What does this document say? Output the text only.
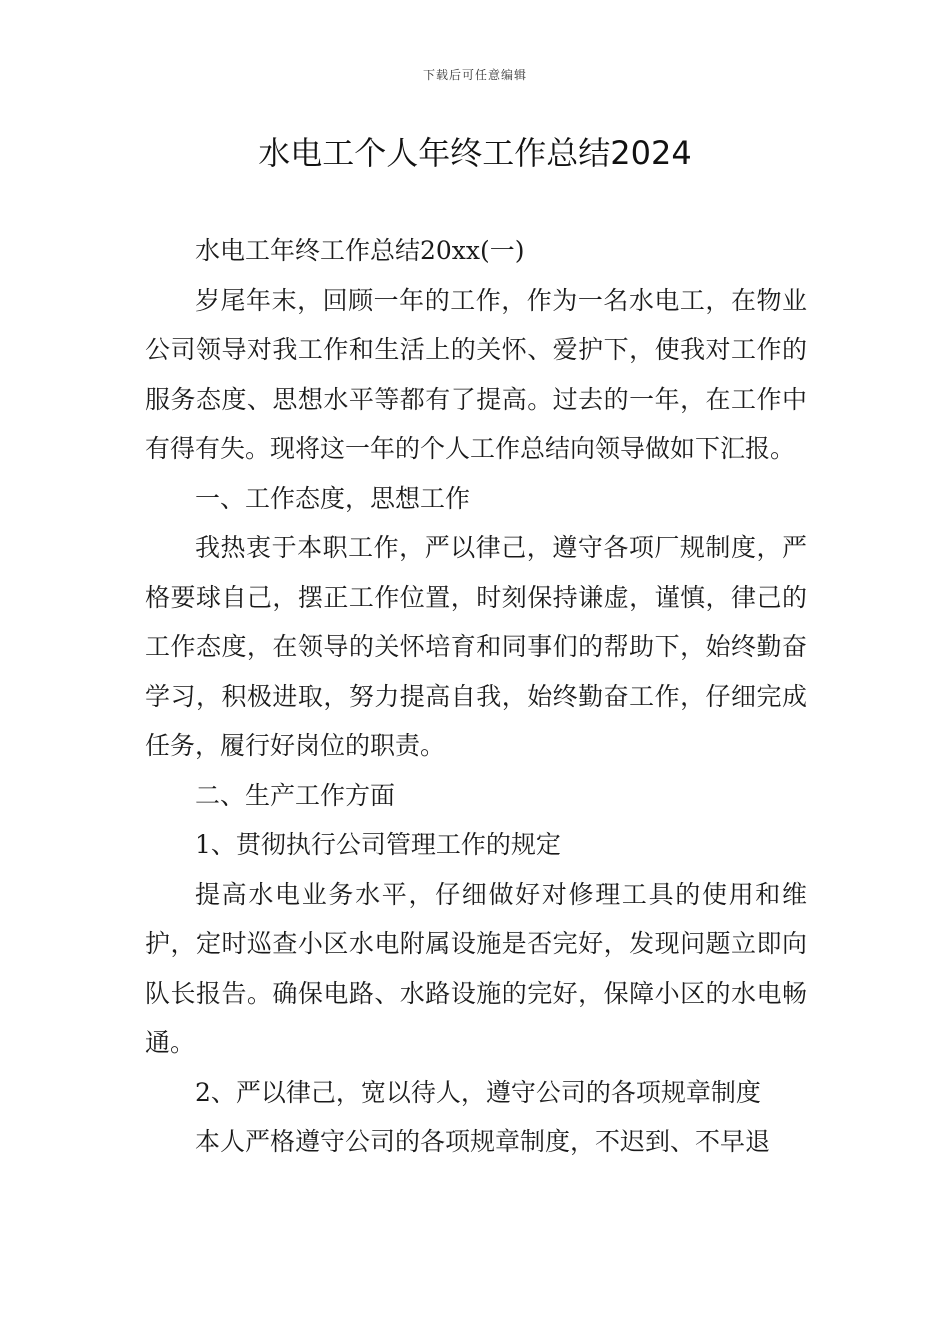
下载后可任意编辑
水电工个人年终工作总结2024

水电工年终工作总结20xx(一)

岁尾年末，回顾一年的工作，作为一名水电工，在物业公司领导对我工作和生活上的关怀、爱护下，使我对工作的服务态度、思想水平等都有了提高。过去的一年，在工作中有得有失。现将这一年的个人工作总结向领导做如下汇报。

一、工作态度，思想工作

我热衷于本职工作，严以律己，遵守各项厂规制度，严格要球自己，摆正工作位置，时刻保持谦虚，谨慎，律己的工作态度，在领导的关怀培育和同事们的帮助下，始终勤奋学习，积极进取，努力提高自我，始终勤奋工作，仔细完成任务，履行好岗位的职责。

二、生产工作方面

1、贯彻执行公司管理工作的规定

提高水电业务水平，仔细做好对修理工具的使用和维护，定时巡查小区水电附属设施是否完好，发现问题立即向队长报告。确保电路、水路设施的完好，保障小区的水电畅通。

2、严以律己，宽以待人，遵守公司的各项规章制度

本人严格遵守公司的各项规章制度，不迟到、不早退
